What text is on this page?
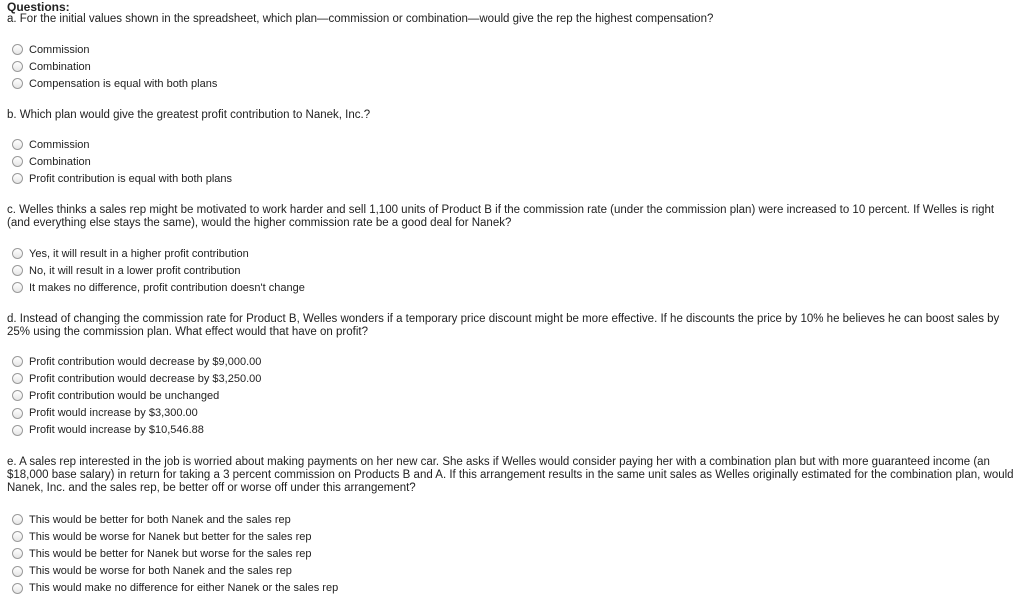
Questions:
a. For the initial values shown in the spreadsheet, which plan—commission or combination—would give the rep the highest compensation?
Commission
Combination
Compensation is equal with both plans
b. Which plan would give the greatest profit contribution to Nanek, Inc.?
Commission
Combination
Profit contribution is equal with both plans
c. Welles thinks a sales rep might be motivated to work harder and sell 1,100 units of Product B if the commission rate (under the commission plan) were increased to 10 percent. If Welles is right (and everything else stays the same), would the higher commission rate be a good deal for Nanek?
Yes, it will result in a higher profit contribution
No, it will result in a lower profit contribution
It makes no difference, profit contribution doesn't change
d. Instead of changing the commission rate for Product B, Welles wonders if a temporary price discount might be more effective. If he discounts the price by 10% he believes he can boost sales by 25% using the commission plan. What effect would that have on profit?
Profit contribution would decrease by $9,000.00
Profit contribution would decrease by $3,250.00
Profit contribution would be unchanged
Profit would increase by $3,300.00
Profit would increase by $10,546.88
e. A sales rep interested in the job is worried about making payments on her new car. She asks if Welles would consider paying her with a combination plan but with more guaranteed income (an $18,000 base salary) in return for taking a 3 percent commission on Products B and A. If this arrangement results in the same unit sales as Welles originally estimated for the combination plan, would Nanek, Inc. and the sales rep, be better off or worse off under this arrangement?
This would be better for both Nanek and the sales rep
This would be worse for Nanek but better for the sales rep
This would be better for Nanek but worse for the sales rep
This would be worse for both Nanek and the sales rep
This would make no difference for either Nanek or the sales rep
